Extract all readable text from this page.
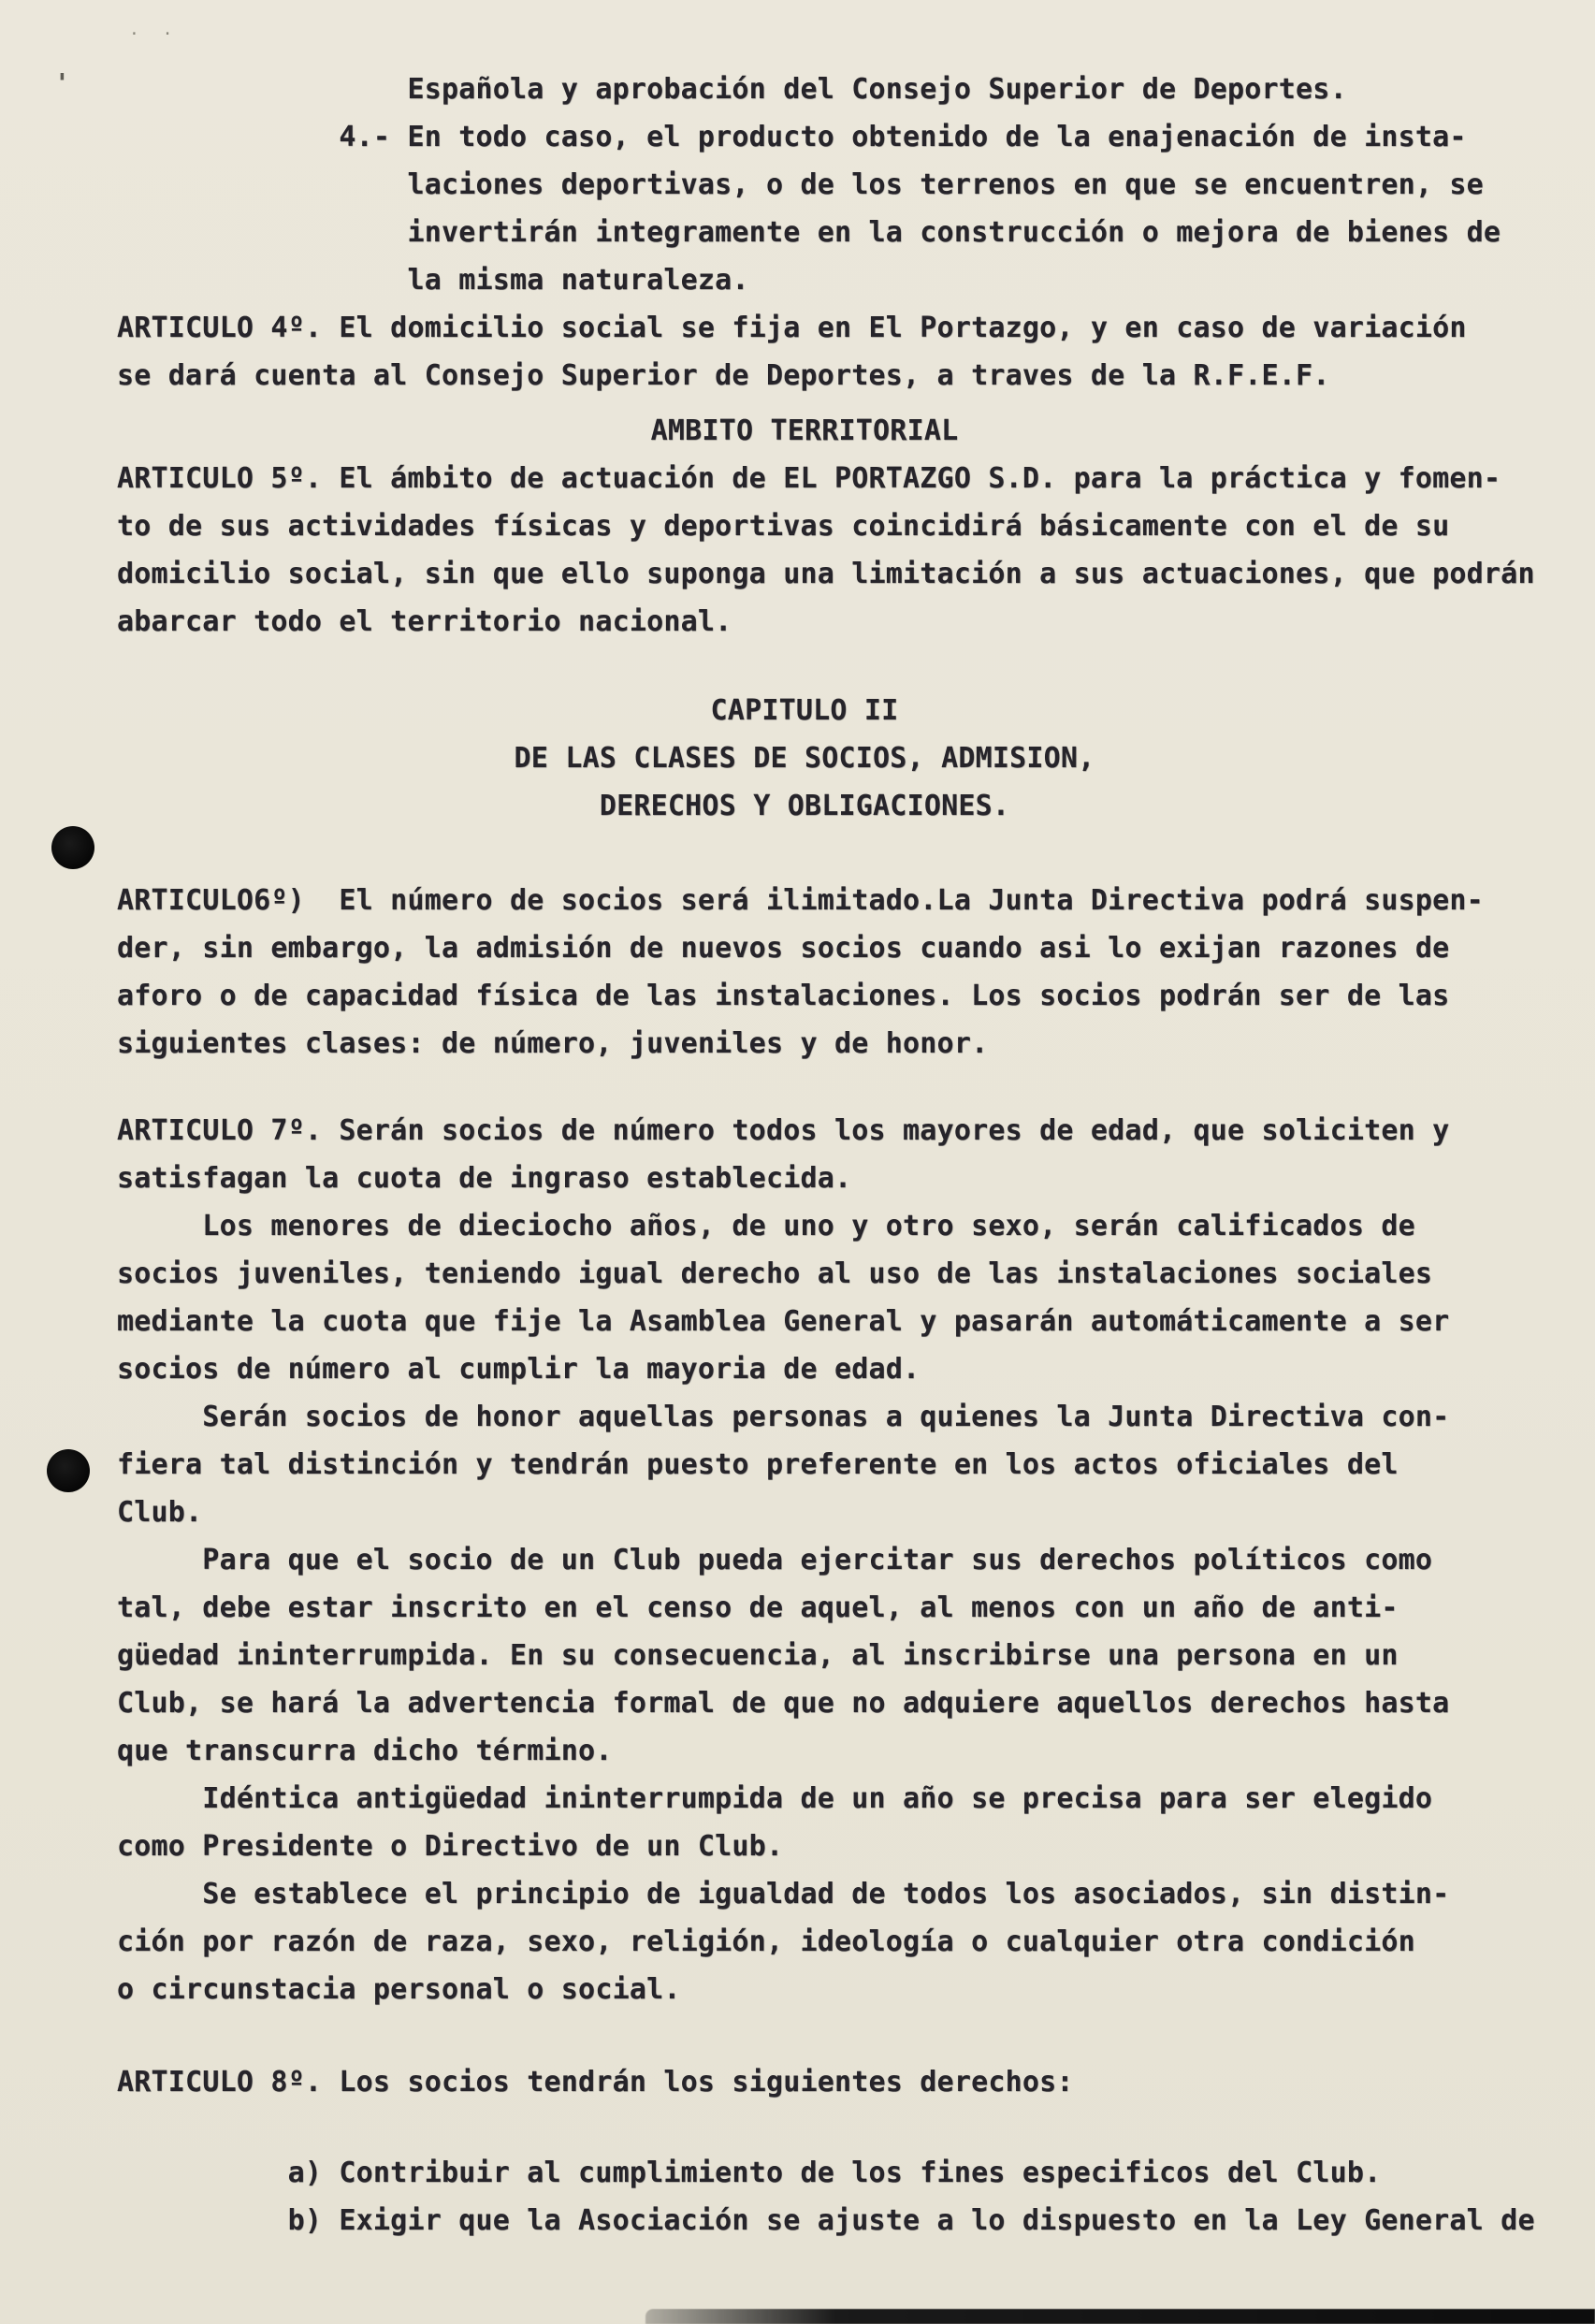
'
· ·
Española y aprobación del Consejo Superior de Deportes.
4.- En todo caso, el producto obtenido de la enajenación de insta-
laciones deportivas, o de los terrenos en que se encuentren, se
invertirán integramente en la construcción o mejora de bienes de
la misma naturaleza.
ARTICULO 4º. El domicilio social se fija en El Portazgo, y en caso de variación
se dará cuenta al Consejo Superior de Deportes, a traves de la R.F.E.F.
AMBITO TERRITORIAL
ARTICULO 5º. El ámbito de actuación de EL PORTAZGO S.D. para la práctica y fomen-
to de sus actividades físicas y deportivas coincidirá básicamente con el de su
domicilio social, sin que ello suponga una limitación a sus actuaciones, que podrán
abarcar todo el territorio nacional.
CAPITULO II
DE LAS CLASES DE SOCIOS, ADMISION,
DERECHOS Y OBLIGACIONES.
ARTICULO6º)  El número de socios será ilimitado.La Junta Directiva podrá suspen-
der, sin embargo, la admisión de nuevos socios cuando asi lo exijan razones de
aforo o de capacidad física de las instalaciones. Los socios podrán ser de las
siguientes clases: de número, juveniles y de honor.
ARTICULO 7º. Serán socios de número todos los mayores de edad, que soliciten y
satisfagan la cuota de ingraso establecida.
Los menores de dieciocho años, de uno y otro sexo, serán calificados de
socios juveniles, teniendo igual derecho al uso de las instalaciones sociales
mediante la cuota que fije la Asamblea General y pasarán automáticamente a ser
socios de número al cumplir la mayoria de edad.
Serán socios de honor aquellas personas a quienes la Junta Directiva con-
fiera tal distinción y tendrán puesto preferente en los actos oficiales del
Club.
Para que el socio de un Club pueda ejercitar sus derechos políticos como
tal, debe estar inscrito en el censo de aquel, al menos con un año de anti-
güedad ininterrumpida. En su consecuencia, al inscribirse una persona en un
Club, se hará la advertencia formal de que no adquiere aquellos derechos hasta
que transcurra dicho término.
Idéntica antigüedad ininterrumpida de un año se precisa para ser elegido
como Presidente o Directivo de un Club.
Se establece el principio de igualdad de todos los asociados, sin distin-
ción por razón de raza, sexo, religión, ideología o cualquier otra condición
o circunstacia personal o social.
ARTICULO 8º. Los socios tendrán los siguientes derechos:
a) Contribuir al cumplimiento de los fines especificos del Club.
b) Exigir que la Asociación se ajuste a lo dispuesto en la Ley General de
